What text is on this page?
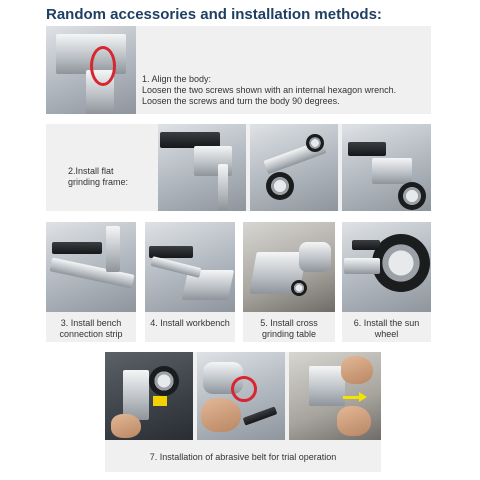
Random accessories and installation methods:
1. Align the body:
Loosen the two screws shown with an internal hexagon wrench.
Loosen the screws and turn the body 90 degrees.
2.Install flat
grinding frame:
3. Install bench
connection strip
4. Install workbench	5. Install cross
grinding table
6. Install the sun
wheel
7. Installation of abrasive belt for trial operation
